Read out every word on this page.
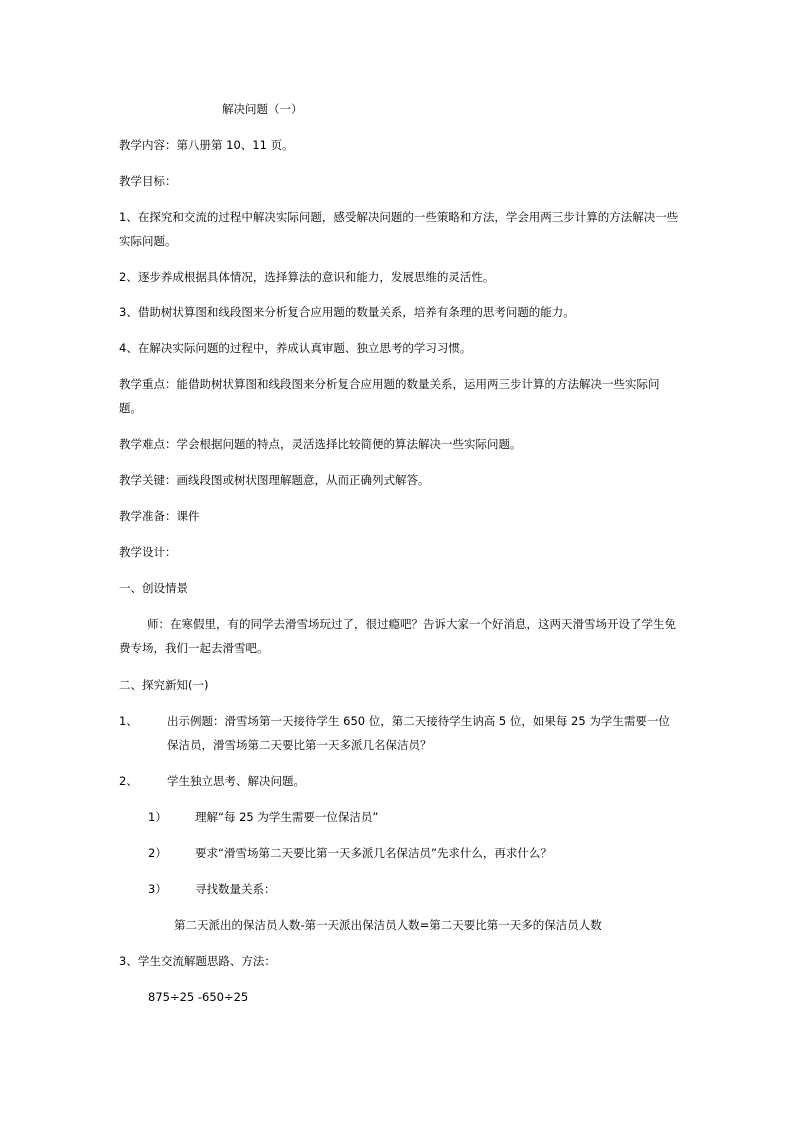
解决问题（一）
教学内容：第八册第 10、11 页。
教学目标：
1、在探究和交流的过程中解决实际问题，感受解决问题的一些策略和方法，学会用两三步计算的方法解决一些实际问题。
2、逐步养成根据具体情况，选择算法的意识和能力，发展思维的灵活性。
3、借助树状算图和线段图来分析复合应用题的数量关系，培养有条理的思考问题的能力。
4、在解决实际问题的过程中，养成认真审题、独立思考的学习习惯。
教学重点：能借助树状算图和线段图来分析复合应用题的数量关系，运用两三步计算的方法解决一些实际问题。
教学难点：学会根据问题的特点，灵活选择比较简便的算法解决一些实际问题。
教学关键：画线段图或树状图理解题意，从而正确列式解答。
教学准备：课件
教学设计：
一、创设情景
师：在寒假里，有的同学去滑雪场玩过了，很过瘾吧？告诉大家一个好消息，这两天滑雪场开设了学生免费专场，我们一起去滑雪吧。
二、探究新知(一)
1、	出示例题：滑雪场第一天接待学生 650 位，第二天接待学生讷高 5 位，如果每 25 为学生需要一位保洁员，滑雪场第二天要比第一天多派几名保洁员？
2、	学生独立思考、解决问题。
1） 理解“每 25 为学生需要一位保洁员”
2） 要求“滑雪场第二天要比第一天多派几名保洁员”先求什么，再求什么？
3） 寻找数量关系：
第二天派出的保洁员人数-第一天派出保洁员人数=第二天要比第一天多的保洁员人数
3、学生交流解题思路、方法：
875÷25 -650÷25
